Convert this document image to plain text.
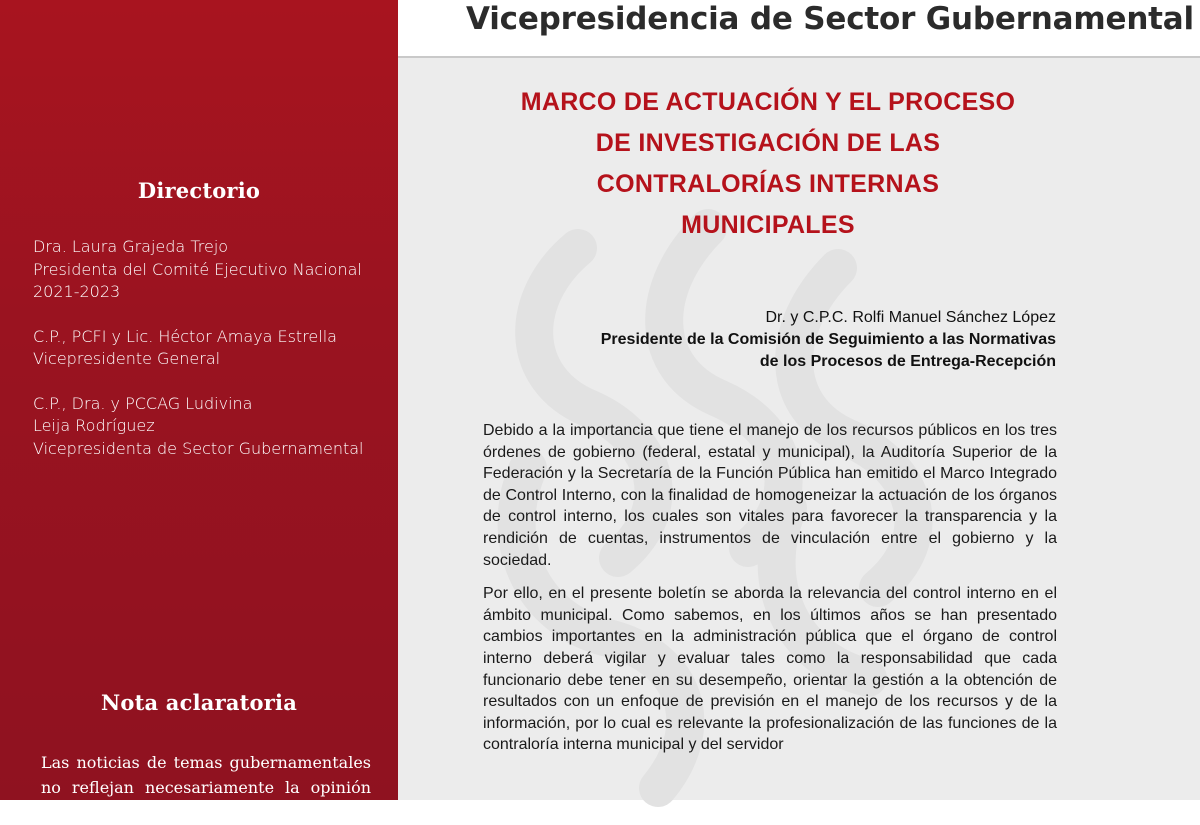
Directorio
Dra. Laura Grajeda Trejo
Presidenta del Comité Ejecutivo Nacional
2021-2023
C.P., PCFI y Lic. Héctor Amaya Estrella
Vicepresidente General
C.P., Dra. y PCCAG Ludivina
Leija Rodríguez
Vicepresidenta de Sector Gubernamental
Nota aclaratoria

Las noticias de temas gubernamentales no reflejan necesariamente la opinión del

Vicepresidencia de Sector Gubernamental
MARCO DE ACTUACIÓN Y EL PROCESO
DE INVESTIGACIÓN DE LAS
CONTRALORÍAS INTERNAS
MUNICIPALES
Dr. y C.P.C. Rolfi Manuel Sánchez López
Presidente de la Comisión de Seguimiento a las Normativas
de los Procesos de Entrega-Recepción

Debido a la importancia que tiene el manejo de los recursos públicos en los tres órdenes de gobierno (federal, estatal y municipal), la Auditoría Superior de la Federación y la Secretaría de la Función Pública han emitido el Marco Integrado de Control Interno, con la finalidad de homogeneizar la actuación de los órganos de control interno, los cuales son vitales para favorecer la transparencia y la rendición de cuentas, instrumentos de vinculación entre el gobierno y la sociedad.

Por ello, en el presente boletín se aborda la relevancia del control interno en el ámbito municipal. Como sabemos, en los últimos años se han presentado cambios importantes en la administración pública que el órgano de control interno deberá vigilar y evaluar tales como la responsabilidad que cada funcionario debe tener en su desempeño, orientar la gestión a la obtención de resultados con un enfoque de previsión en el manejo de los recursos y de la información, por lo cual es relevante la profesionalización de las funciones de la contraloría interna municipal y del servidor
